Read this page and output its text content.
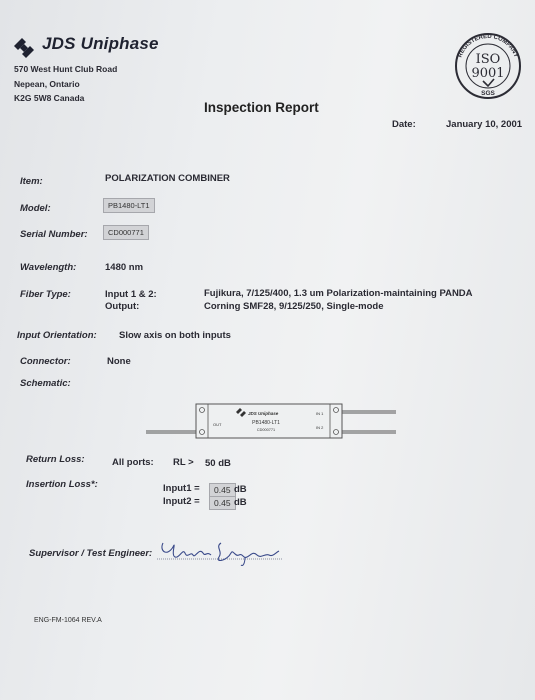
JDS Uniphase
570 West Hunt Club Road
Nepean, Ontario
K2G 5W8 Canada
REGISTERED COMPANY
ISO
9001
SGS
Inspection Report
Date:	January 10, 2001
Item:	POLARIZATION COMBINER
Model:	PB1480-LT1
Serial Number:	CD000771
Wavelength:	1480 nm
Fiber Type:	Input 1 & 2:	Fujikura, 7/125/400, 1.3 um Polarization-maintaining PANDA
Output:	Corning SMF28, 9/125/250, Single-mode
Input Orientation: Slow axis on both inputs
Connector:	None
Schematic:
JDS Uniphase
PB1480-LT1
CD000771
OUT
IN 1
IN 2
Return Loss:	All ports: RL > 50 dB
Insertion Loss*:	Input1 =	0.45 dB
Input2 =	0.45 dB
Supervisor / Test Engineer:
ENG-FM-1064 REV.A
